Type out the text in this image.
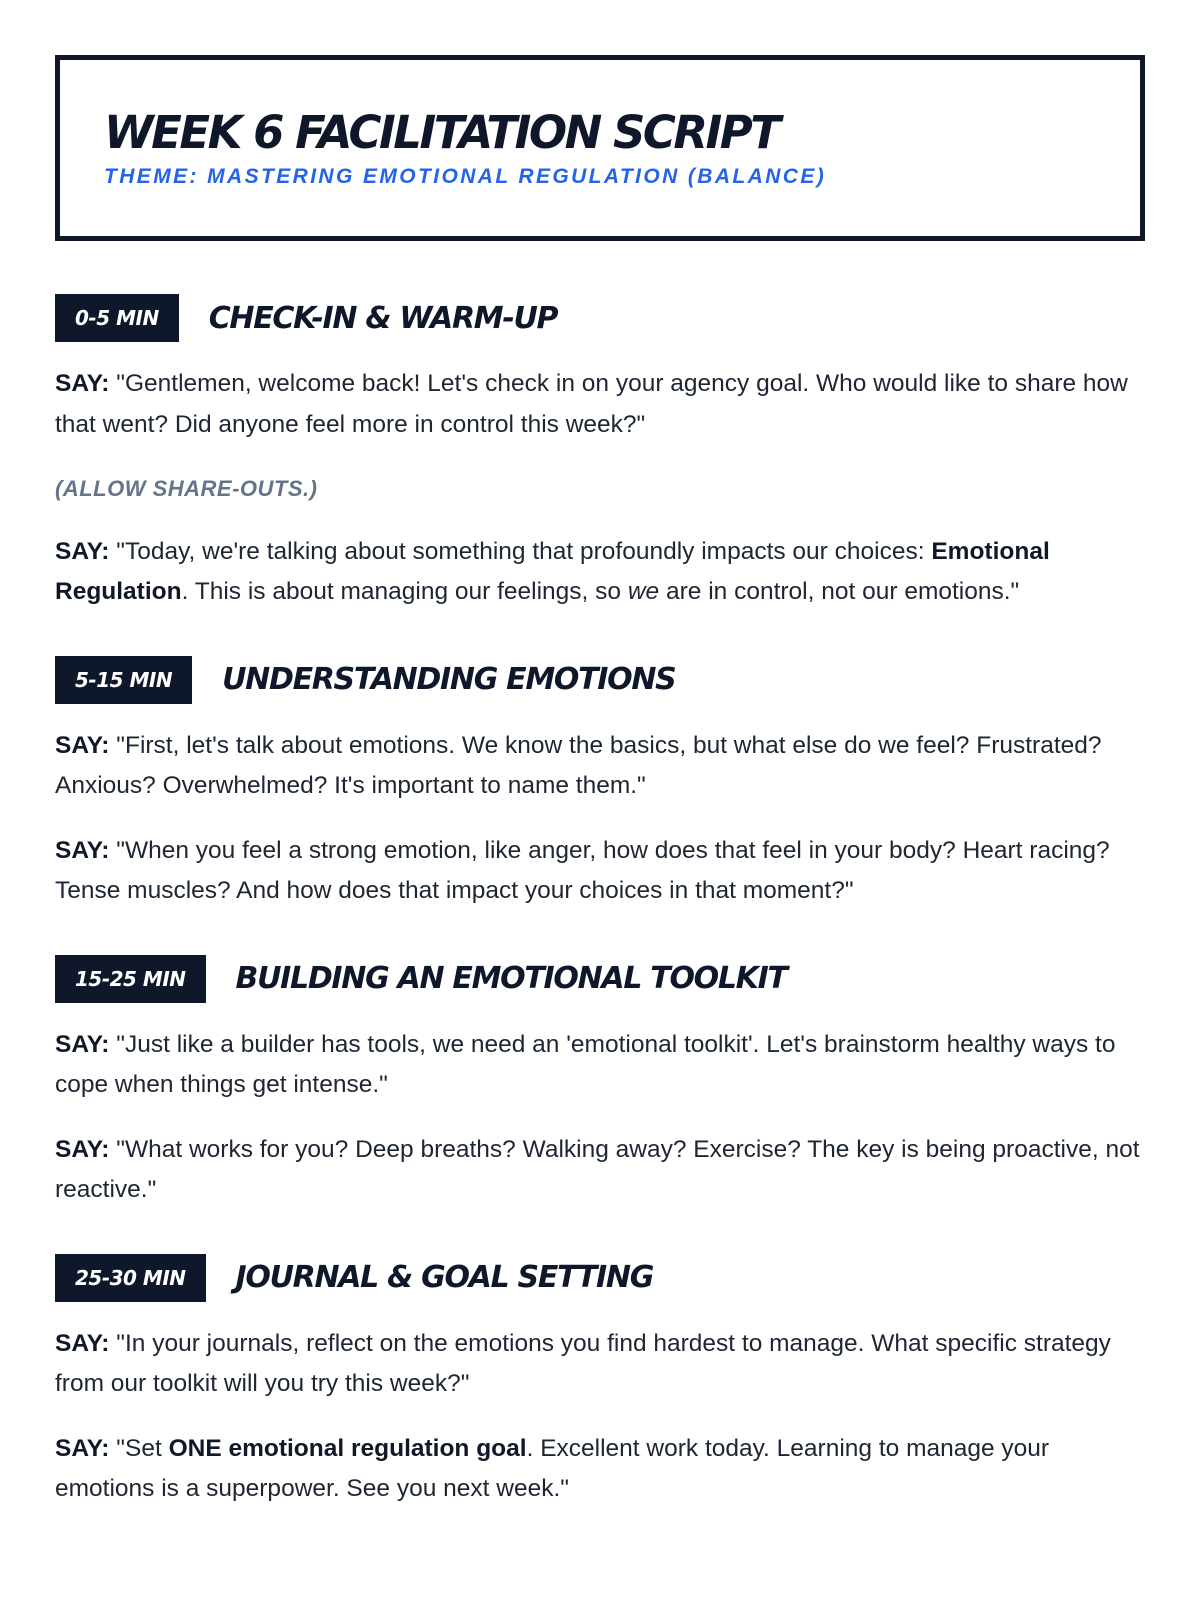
WEEK 6 FACILITATION SCRIPT
THEME: MASTERING EMOTIONAL REGULATION (BALANCE)
0-5 MIN	CHECK-IN & WARM-UP

SAY: "Gentlemen, welcome back! Let's check in on your agency goal. Who would like to share how that went? Did anyone feel more in control this week?"

(ALLOW SHARE-OUTS.)

SAY: "Today, we're talking about something that profoundly impacts our choices: Emotional Regulation. This is about managing our feelings, so we are in control, not our emotions."

5-15 MIN	UNDERSTANDING EMOTIONS

SAY: "First, let's talk about emotions. We know the basics, but what else do we feel? Frustrated? Anxious? Overwhelmed? It's important to name them."

SAY: "When you feel a strong emotion, like anger, how does that feel in your body? Heart racing? Tense muscles? And how does that impact your choices in that moment?"

15-25 MIN	BUILDING AN EMOTIONAL TOOLKIT

SAY: "Just like a builder has tools, we need an 'emotional toolkit'. Let's brainstorm healthy ways to cope when things get intense."

SAY: "What works for you? Deep breaths? Walking away? Exercise? The key is being proactive, not reactive."

25-30 MIN	JOURNAL & GOAL SETTING

SAY: "In your journals, reflect on the emotions you find hardest to manage. What specific strategy from our toolkit will you try this week?"

SAY: "Set ONE emotional regulation goal. Excellent work today. Learning to manage your emotions is a superpower. See you next week."
